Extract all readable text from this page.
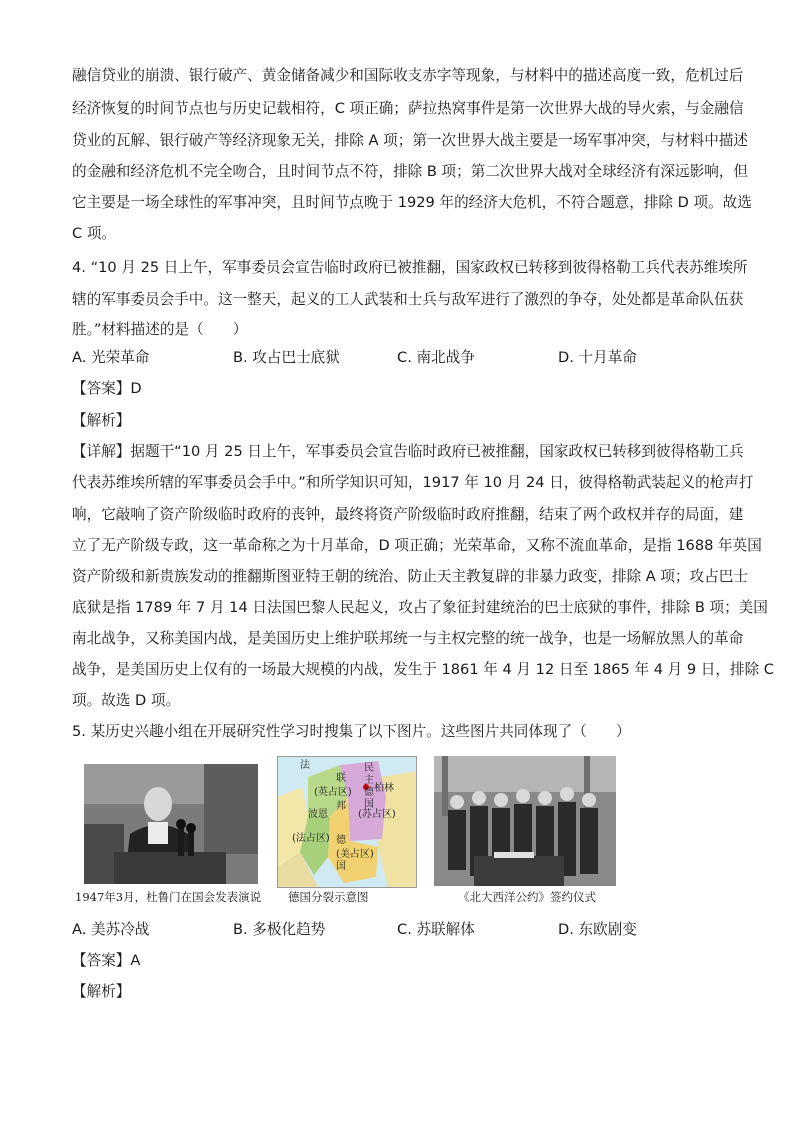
融信贷业的崩溃、银行破产、黄金储备减少和国际收支赤字等现象，与材料中的描述高度一致，危机过后
经济恢复的时间节点也与历史记载相符，C 项正确；萨拉热窝事件是第一次世界大战的导火索，与金融信
贷业的瓦解、银行破产等经济现象无关，排除 A 项；第一次世界大战主要是一场军事冲突，与材料中描述
的金融和经济危机不完全吻合，且时间节点不符，排除 B 项；第二次世界大战对全球经济有深远影响，但
它主要是一场全球性的军事冲突，且时间节点晚于 1929 年的经济大危机，不符合题意，排除 D 项。故选
C 项。
4. “10 月 25 日上午，军事委员会宣告临时政府已被推翻，国家政权已转移到彼得格勒工兵代表苏维埃所
辖的军事委员会手中。这一整天，起义的工人武装和士兵与敌军进行了激烈的争夺，处处都是革命队伍获
胜。”材料描述的是（　　）
A. 光荣革命	B. 攻占巴士底狱	C. 南北战争	D. 十月革命
【答案】D
【解析】
【详解】据题干“10 月 25 日上午，军事委员会宣告临时政府已被推翻，国家政权已转移到彼得格勒工兵
代表苏维埃所辖的军事委员会手中。”和所学知识可知，1917 年 10 月 24 日，彼得格勒武装起义的枪声打
响，它敲响了资产阶级临时政府的丧钟，最终将资产阶级临时政府推翻，结束了两个政权并存的局面，建
立了无产阶级专政，这一革命称之为十月革命，D 项正确；光荣革命，又称不流血革命，是指 1688 年英国
资产阶级和新贵族发动的推翻斯图亚特王朝的统治、防止天主教复辟的非暴力政变，排除 A 项；攻占巴士
底狱是指 1789 年 7 月 14 日法国巴黎人民起义，攻占了象征封建统治的巴士底狱的事件，排除 B 项；美国
南北战争，又称美国内战，是美国历史上维护联邦统一与主权完整的统一战争，也是一场解放黑人的革命
战争，是美国历史上仅有的一场最大规模的内战，发生于 1861 年 4 月 12 日至 1865 年 4 月 9 日，排除 C
项。故选 D 项。
5. 某历史兴趣小组在开展研究性学习时搜集了以下图片。这些图片共同体现了（　　）
1947年3月，杜鲁门在国会发表演说
法	民
主
德
国
柏林
联
邦
(英占区)
波恩	(苏占区)
德
(法占区)
国
(美占区)
德国分裂示意图	《北大西洋公约》签约仪式
A. 美苏冷战	B. 多极化趋势	C. 苏联解体	D. 东欧剧变
【答案】A
【解析】
